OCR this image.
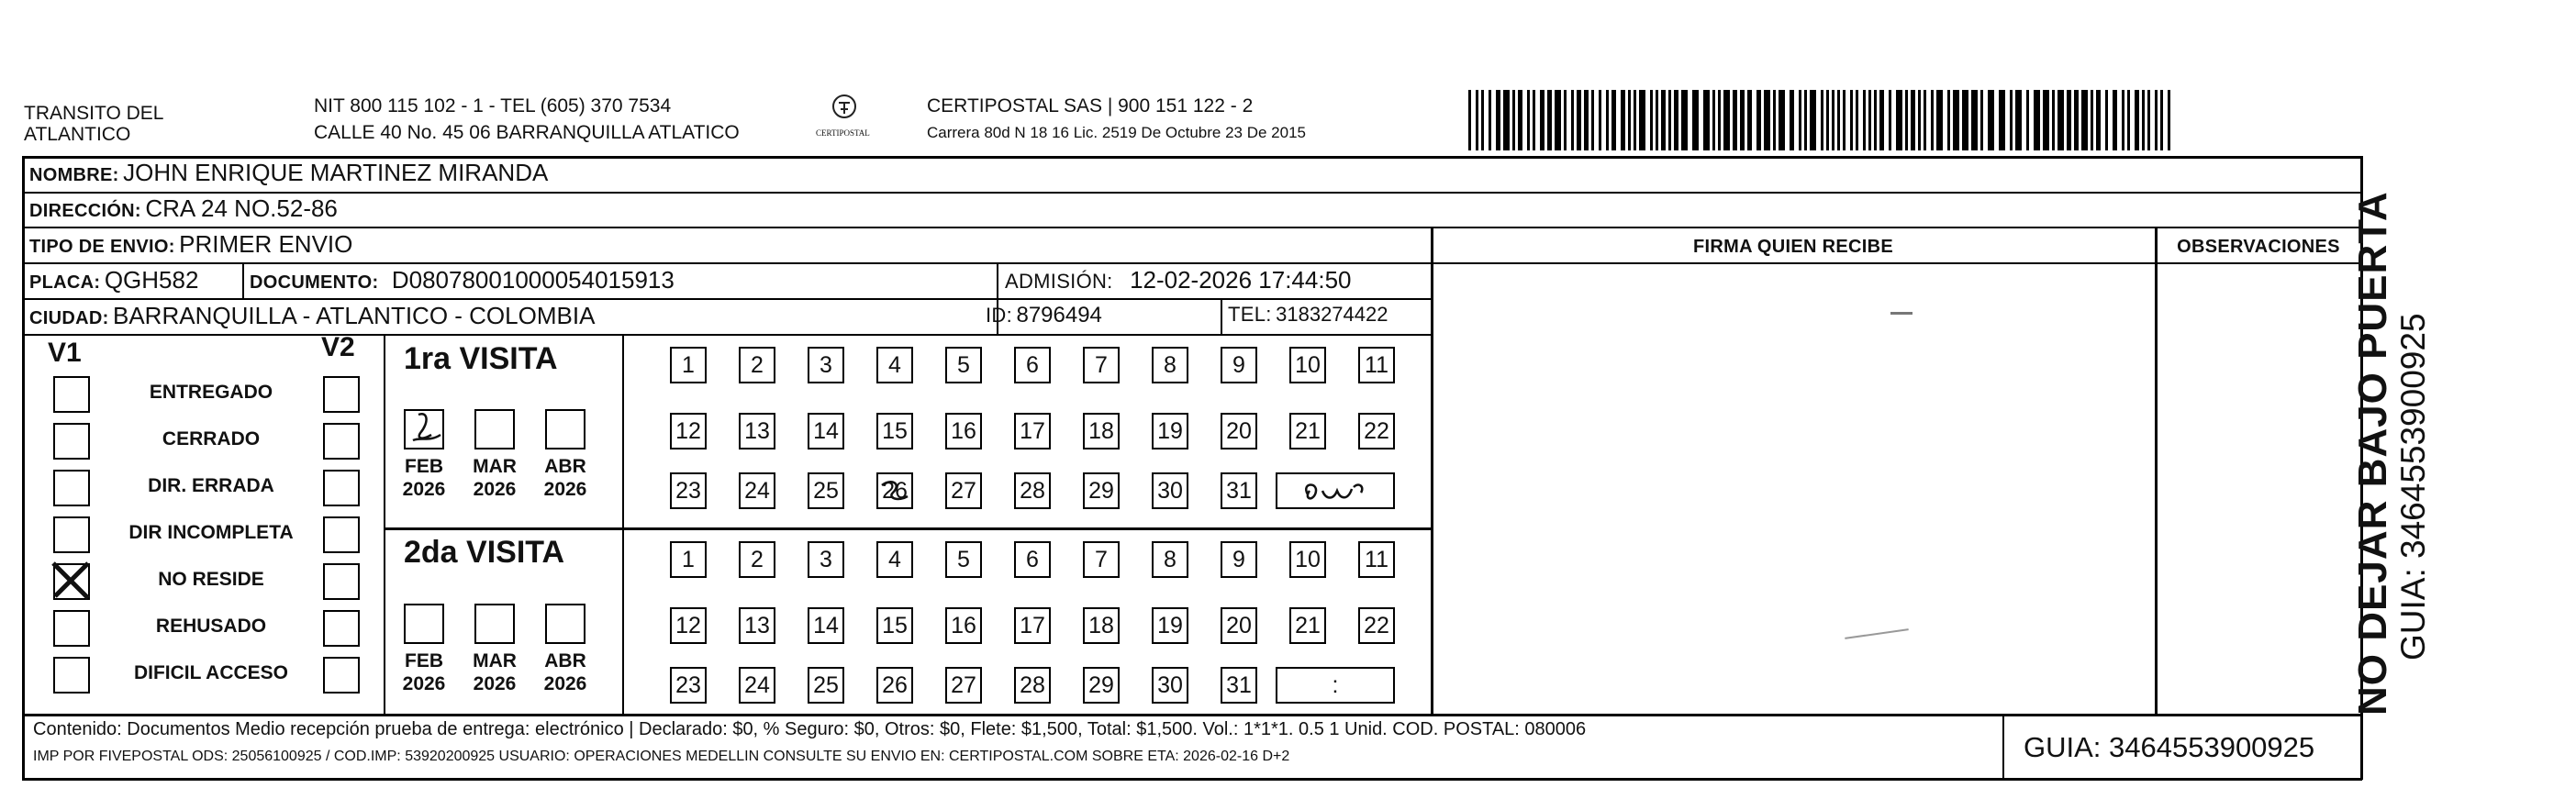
TRANSITO DEL
ATLANTICO
NIT 800 115 102 - 1 - TEL (605) 370 7534
CALLE 40 No. 45 06 BARRANQUILLA ATLATICO	CERTIPOSTAL
CERTIPOSTAL SAS | 900 151 122 - 2
Carrera 80d N 18 16 Lic. 2519 De Octubre 23 De 2015
NOMBRE: JOHN ENRIQUE MARTINEZ MIRANDA
DIRECCIÓN: CRA 24 NO.52-86
TIPO DE ENVIO: PRIMER ENVIO	FIRMA QUIEN RECIBE	OBSERVACIONES
PLACA: QGH582	DOCUMENTO: D08078001000054015913	ADMISIÓN: 12-02-2026 17:44:50
CIUDAD: BARRANQUILLA - ATLANTICO - COLOMBIA	ID: 8796494	TEL: 3183274422
V1	V2
ENTREGADO
CERRADO
DIR. ERRADA
DIR INCOMPLETA
NO RESIDE
REHUSADO
DIFICIL ACCESO
1ra VISITA
2da VISITA
FEB
2026
MAR
2026
ABR
2026
1	2	3	4	5	6	7	8	9	10 11
12 13 14 15 16 17 18 19 20 21 22
23 24 25 26 27 28 29 30 31
FEB
2026
MAR
2026
ABR
2026
1	2	3	4	5	6	7	8	9	10 11
12 13 14 15 16 17 18 19 20 21 22
23 24 25 26 27 28 29 30 31	:
Contenido: Documentos Medio recepción prueba de entrega: electrónico | Declarado: $0, % Seguro: $0, Otros: $0, Flete: $1,500, Total: $1,500. Vol.: 1*1*1. 0.5 1 Unid. COD. POSTAL: 080006
IMP POR FIVEPOSTAL ODS: 25056100925 / COD.IMP: 53920200925 USUARIO: OPERACIONES MEDELLIN CONSULTE SU ENVIO EN: CERTIPOSTAL.COM SOBRE ETA: 2026-02-16 D+2	GUIA: 3464553900925
NO DEJAR BAJO PUERTA GUIA: 3464553900925
